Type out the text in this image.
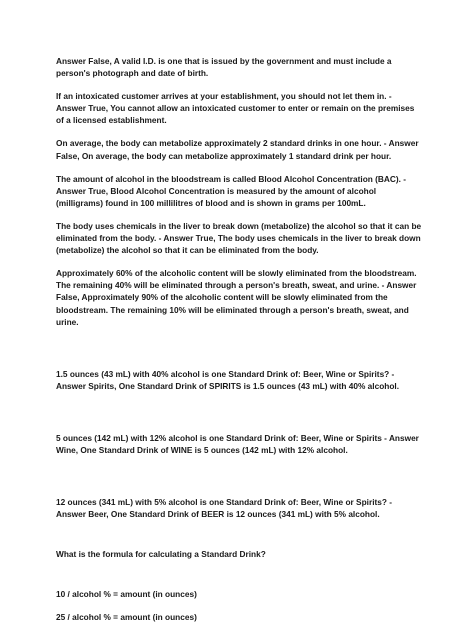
Answer False, A valid I.D. is one that is issued by the government and must include a person's photograph and date of birth.

If an intoxicated customer arrives at your establishment, you should not let them in. - Answer True, You cannot allow an intoxicated customer to enter or remain on the premises of a licensed establishment.

On average, the body can metabolize approximately 2 standard drinks in one hour. - Answer False, On average, the body can metabolize approximately 1 standard drink per hour.

The amount of alcohol in the bloodstream is called Blood Alcohol Concentration (BAC). - Answer True, Blood Alcohol Concentration is measured by the amount of alcohol (milligrams) found in 100 millilitres of blood and is shown in grams per 100mL.

The body uses chemicals in the liver to break down (metabolize) the alcohol so that it can be eliminated from the body. - Answer True, The body uses chemicals in the liver to break down (metabolize) the alcohol so that it can be eliminated from the body.

Approximately 60% of the alcoholic content will be slowly eliminated from the bloodstream. The remaining 40% will be eliminated through a person's breath, sweat, and urine. - Answer False, Approximately 90% of the alcoholic content will be slowly eliminated from the bloodstream. The remaining 10% will be eliminated through a person's breath, sweat, and urine.

1.5 ounces (43 mL) with 40% alcohol is one Standard Drink of: Beer, Wine or Spirits? - Answer Spirits, One Standard Drink of SPIRITS is 1.5 ounces (43 mL) with 40% alcohol.

5 ounces (142 mL) with 12% alcohol is one Standard Drink of: Beer, Wine or Spirits - Answer Wine, One Standard Drink of WINE is 5 ounces (142 mL) with 12% alcohol.

12 ounces (341 mL) with 5% alcohol is one Standard Drink of: Beer, Wine or Spirits? - Answer Beer, One Standard Drink of BEER is 12 ounces (341 mL) with 5% alcohol.

What is the formula for calculating a Standard Drink?

10 / alcohol % = amount (in ounces)

25 / alcohol % = amount (in ounces)
